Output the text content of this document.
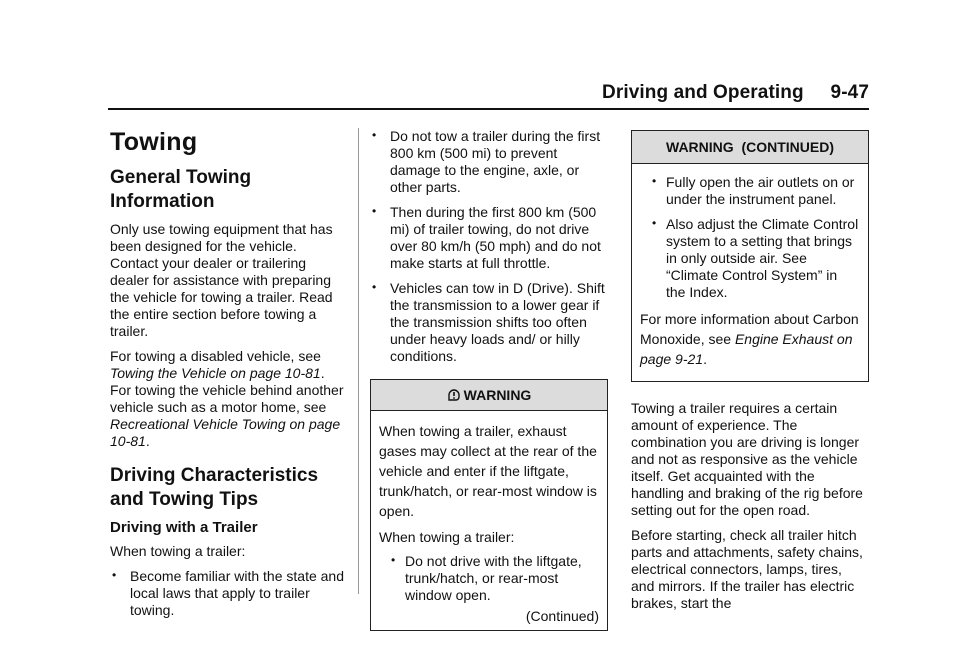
Driving and Operating     9-47
Towing
General Towing Information
Only use towing equipment that has been designed for the vehicle. Contact your dealer or trailering dealer for assistance with preparing the vehicle for towing a trailer. Read the entire section before towing a trailer.
For towing a disabled vehicle, see Towing the Vehicle on page 10-81. For towing the vehicle behind another vehicle such as a motor home, see Recreational Vehicle Towing on page 10-81.
Driving Characteristics and Towing Tips
Driving with a Trailer
When towing a trailer:
• Become familiar with the state and local laws that apply to trailer towing.
• Do not tow a trailer during the first 800 km (500 mi) to prevent damage to the engine, axle, or other parts.
• Then during the first 800 km (500 mi) of trailer towing, do not drive over 80 km/h (50 mph) and do not make starts at full throttle.
• Vehicles can tow in D (Drive). Shift the transmission to a lower gear if the transmission shifts too often under heavy loads and/ or hilly conditions.
WARNING
When towing a trailer, exhaust gases may collect at the rear of the vehicle and enter if the liftgate, trunk/hatch, or rear-most window is open.
When towing a trailer:
• Do not drive with the liftgate, trunk/hatch, or rear-most window open.
(Continued)
WARNING  (CONTINUED)
• Fully open the air outlets on or under the instrument panel.
• Also adjust the Climate Control system to a setting that brings in only outside air. See “Climate Control System” in the Index.
For more information about Carbon Monoxide, see Engine Exhaust on page 9-21.
Towing a trailer requires a certain amount of experience. The combination you are driving is longer and not as responsive as the vehicle itself. Get acquainted with the handling and braking of the rig before setting out for the open road.
Before starting, check all trailer hitch parts and attachments, safety chains, electrical connectors, lamps, tires, and mirrors. If the trailer has electric brakes, start the
